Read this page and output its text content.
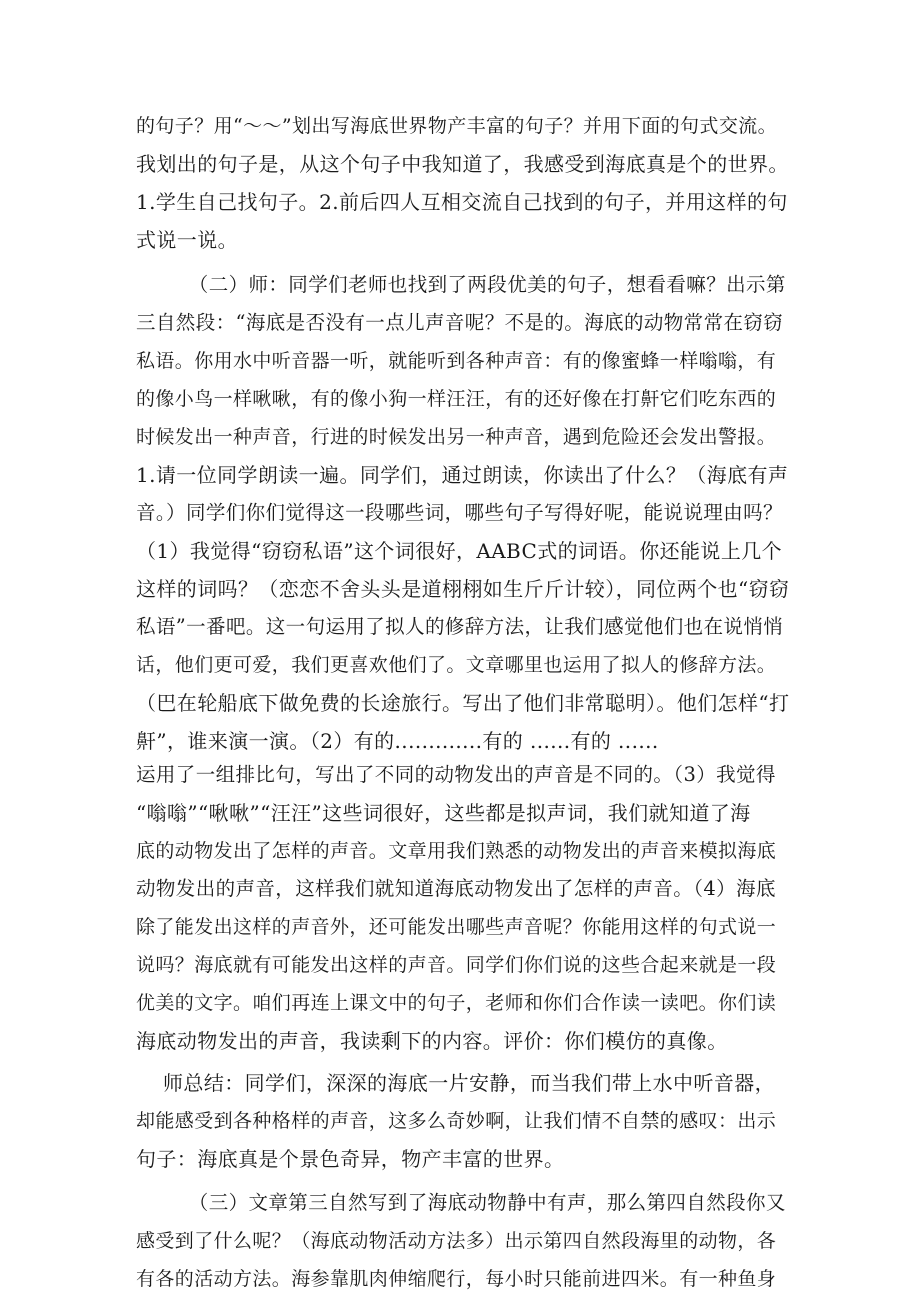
的句子？用“～～”划出写海底世界物产丰富的句子？并用下面的句式交流。
我划出的句子是，从这个句子中我知道了，我感受到海底真是个的世界。
1.学生自己找句子。2.前后四人互相交流自己找到的句子，并用这样的句
式说一说。
（二）师：同学们老师也找到了两段优美的句子，想看看嘛？出示第
三自然段：“海底是否没有一点儿声音呢？不是的。海底的动物常常在窃窃
私语。你用水中听音器一听，就能听到各种声音：有的像蜜蜂一样嗡嗡，有
的像小鸟一样啾啾，有的像小狗一样汪汪，有的还好像在打鼾它们吃东西的
时候发出一种声音，行进的时候发出另一种声音，遇到危险还会发出警报。
1.请一位同学朗读一遍。同学们，通过朗读，你读出了什么？（海底有声
音。）同学们你们觉得这一段哪些词，哪些句子写得好呢，能说说理由吗？
（1）我觉得“窃窃私语”这个词很好，AABC式的词语。你还能说上几个
这样的词吗？（恋恋不舍头头是道栩栩如生斤斤计较），同位两个也“窃窃
私语”一番吧。这一句运用了拟人的修辞方法，让我们感觉他们也在说悄悄
话，他们更可爱，我们更喜欢他们了。文章哪里也运用了拟人的修辞方法。
（巴在轮船底下做免费的长途旅行。写出了他们非常聪明）。他们怎样“打
鼾”，谁来演一演。（2）有的.............有的 ......有的 ......
运用了一组排比句，写出了不同的动物发出的声音是不同的。（3）我觉得
“嗡嗡”“啾啾”“汪汪”这些词很好，这些都是拟声词，我们就知道了海
底的动物发出了怎样的声音。文章用我们熟悉的动物发出的声音来模拟海底
动物发出的声音，这样我们就知道海底动物发出了怎样的声音。（4）海底
除了能发出这样的声音外，还可能发出哪些声音呢？你能用这样的句式说一
说吗？海底就有可能发出这样的声音。同学们你们说的这些合起来就是一段
优美的文字。咱们再连上课文中的句子，老师和你们合作读一读吧。你们读
海底动物发出的声音，我读剩下的内容。评价：你们模仿的真像。
师总结：同学们，深深的海底一片安静，而当我们带上水中听音器，
却能感受到各种格样的声音，这多么奇妙啊，让我们情不自禁的感叹：出示
句子：海底真是个景色奇异，物产丰富的世界。
（三）文章第三自然写到了海底动物静中有声，那么第四自然段你又
感受到了什么呢？（海底动物活动方法多）出示第四自然段海里的动物，各
有各的活动方法。海参靠肌肉伸缩爬行，每小时只能前进四米。有一种鱼身
